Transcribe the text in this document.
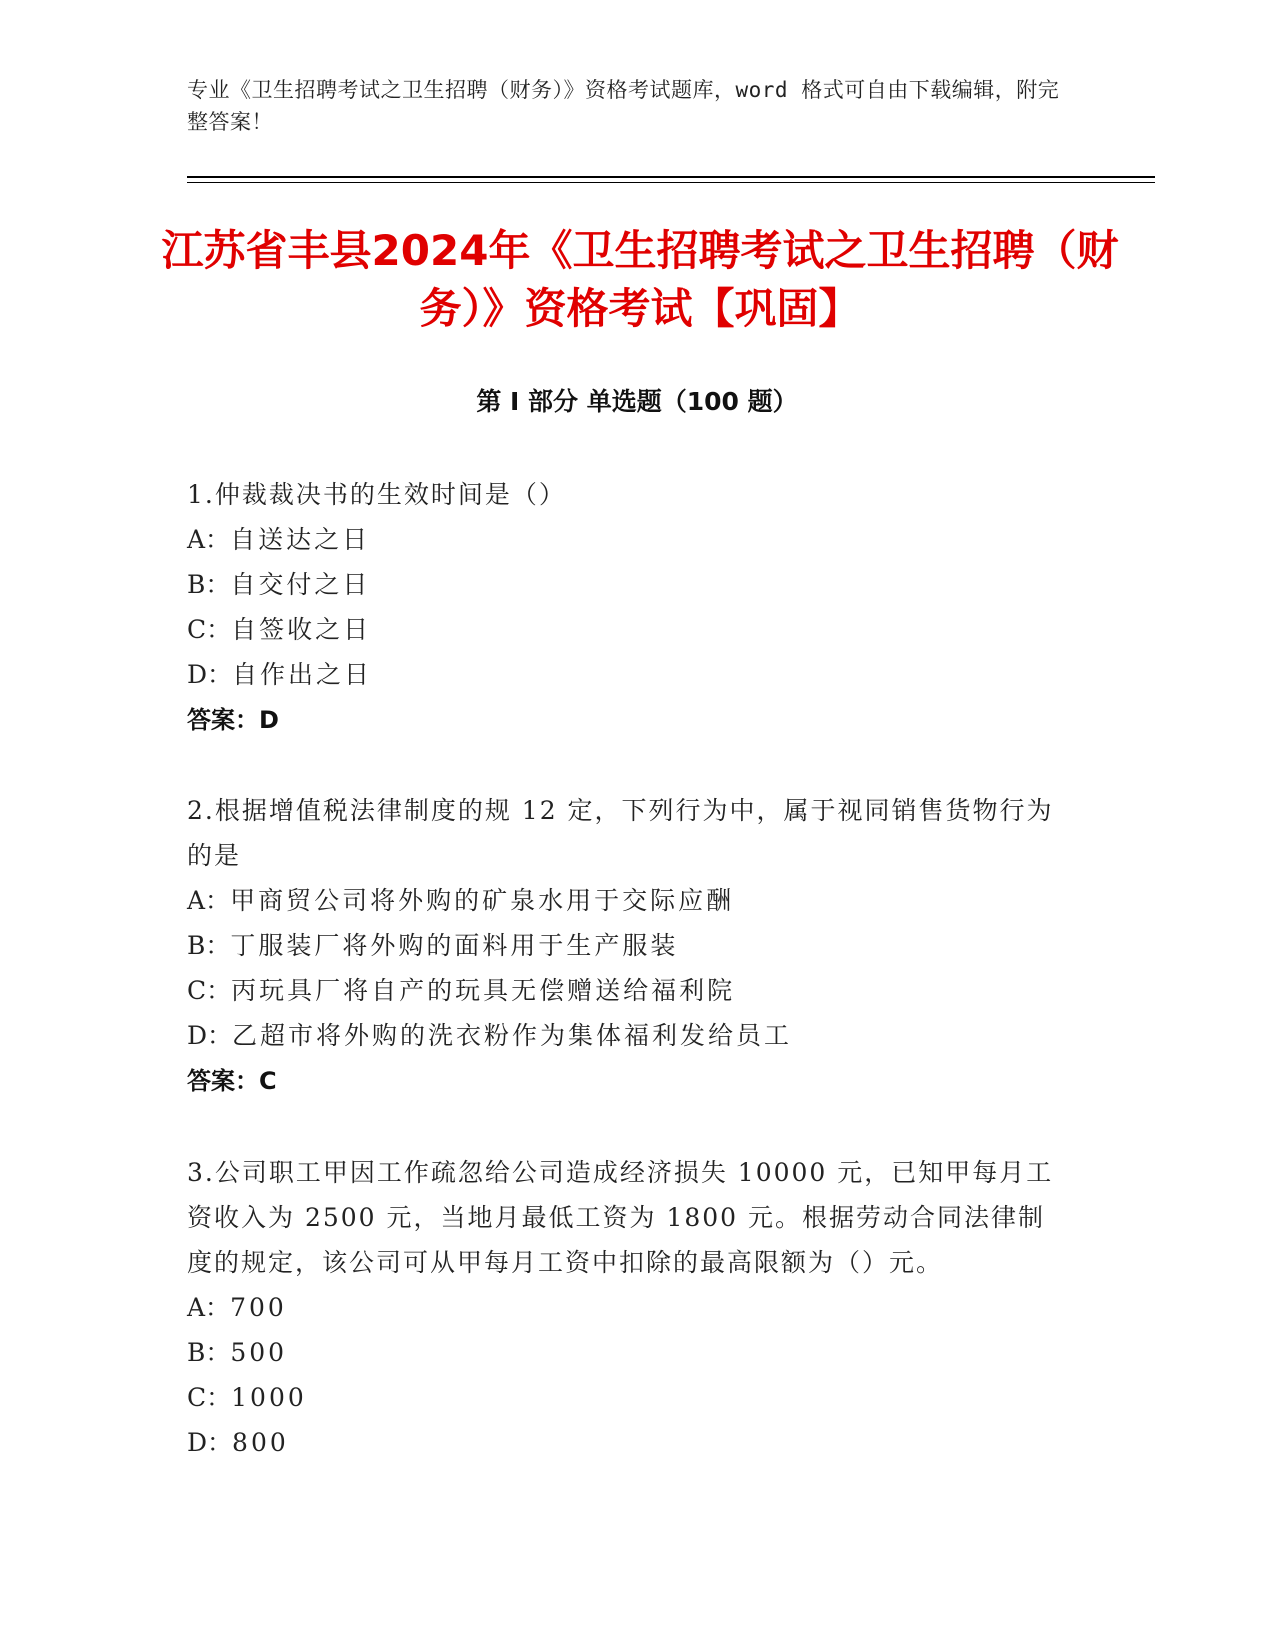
专业《卫生招聘考试之卫生招聘（财务）》资格考试题库，word 格式可自由下载编辑，附完整答案！
江苏省丰县2024年《卫生招聘考试之卫生招聘（财务）》资格考试【巩固】
第 I 部分 单选题（100 题）
1.仲裁裁决书的生效时间是（）
A：自送达之日
B：自交付之日
C：自签收之日
D：自作出之日
答案：D
2.根据增值税法律制度的规 12 定，下列行为中，属于视同销售货物行为的是
A：甲商贸公司将外购的矿泉水用于交际应酬
B：丁服装厂将外购的面料用于生产服装
C：丙玩具厂将自产的玩具无偿赠送给福利院
D：乙超市将外购的洗衣粉作为集体福利发给员工
答案：C
3.公司职工甲因工作疏忽给公司造成经济损失 10000 元，已知甲每月工资收入为 2500 元，当地月最低工资为 1800 元。根据劳动合同法律制度的规定，该公司可从甲每月工资中扣除的最高限额为（）元。
A：700
B：500
C：1000
D：800
